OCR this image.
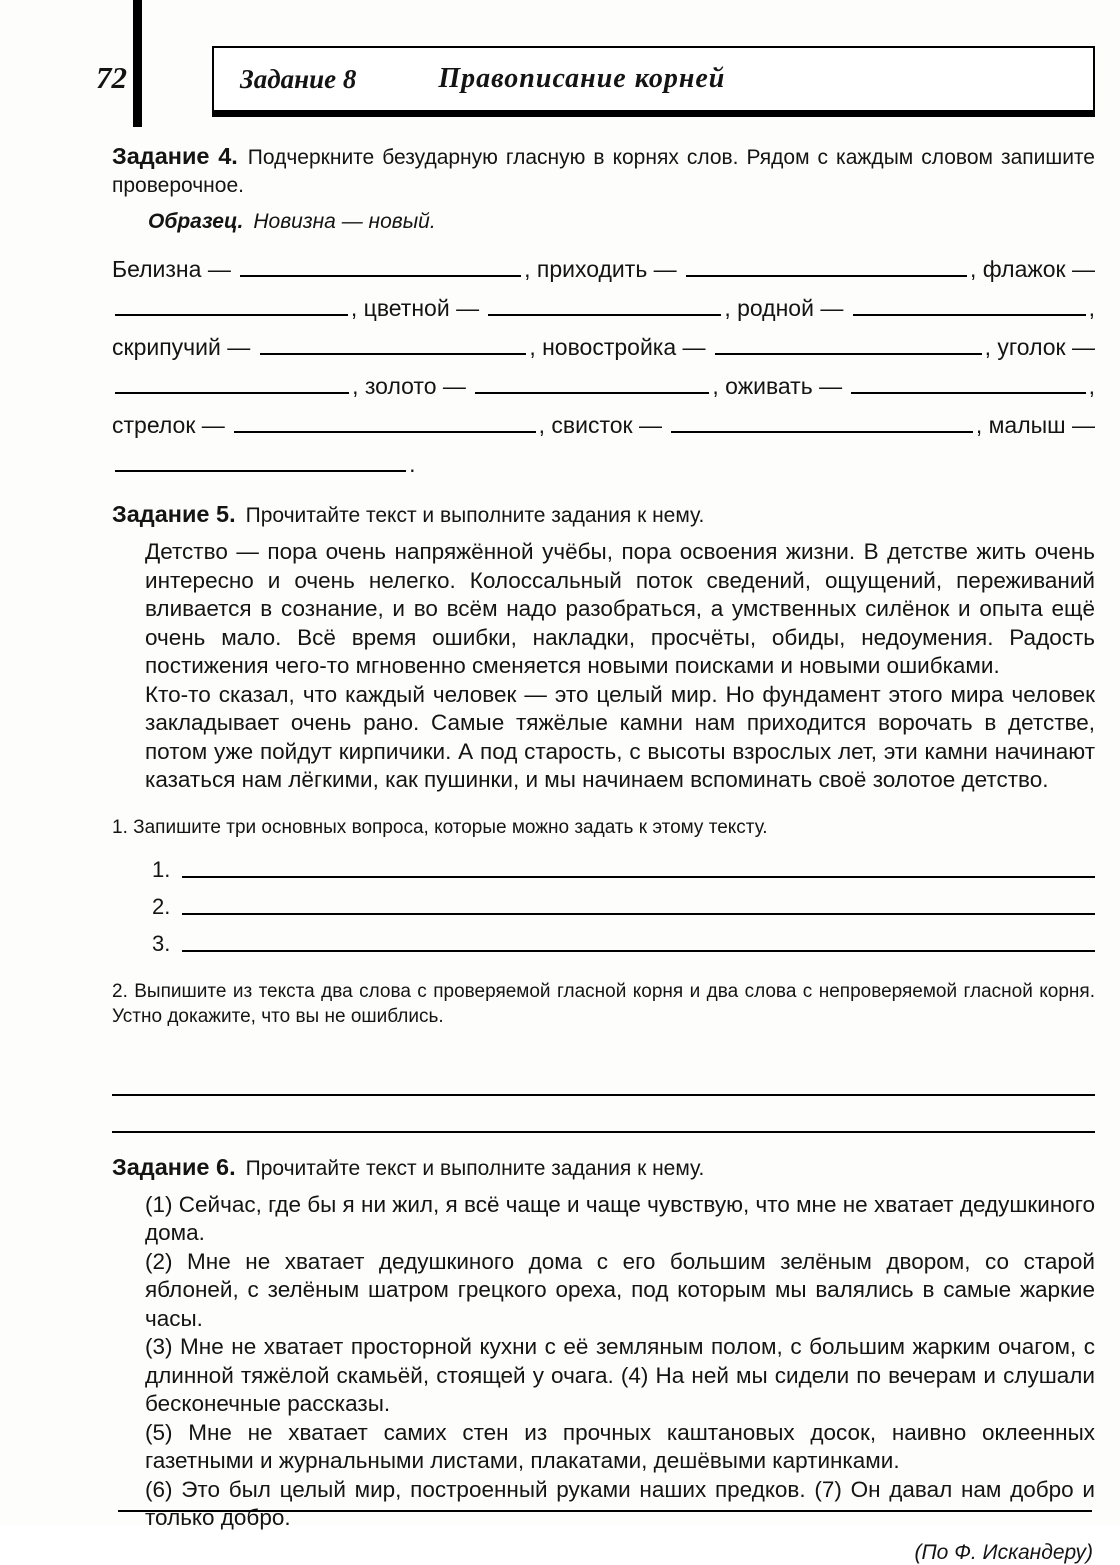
72	Задание 8	Правописание корней

Задание 4. Подчеркните безударную гласную в корнях слов. Рядом с каждым словом запишите проверочное.

Образец. Новизна — новый.

Белизна —	, приходить —	, флажок —
, цветной —	, родной —	,
скрипучий —	, новостройка —	, уголок —
, золото —	, оживать —	,
стрелок —	, свисток —	, малыш —
.

Задание 5. Прочитайте текст и выполните задания к нему.

Детство — пора очень напряжённой учёбы, пора освоения жизни. В детстве жить очень интересно и очень нелегко. Колоссальный поток сведений, ощущений, переживаний вливается в сознание, и во всём надо разобраться, а умственных силёнок и опыта ещё очень мало. Всё время ошибки, накладки, просчёты, обиды, недоумения. Радость постижения чего-то мгновенно сменяется новыми поисками и новыми ошибками.

Кто-то сказал, что каждый человек — это целый мир. Но фундамент этого мира человек закладывает очень рано. Самые тяжёлые камни нам приходится ворочать в детстве, потом уже пойдут кирпичики. А под старость, с высоты взрослых лет, эти камни начинают казаться нам лёгкими, как пушинки, и мы начинаем вспоминать своё золотое детство.

1. Запишите три основных вопроса, которые можно задать к этому тексту.

1.
2.
3.

2. Выпишите из текста два слова с проверяемой гласной корня и два слова с непроверяемой гласной корня. Устно докажите, что вы не ошиблись.

Задание 6. Прочитайте текст и выполните задания к нему.

(1) Сейчас, где бы я ни жил, я всё чаще и чаще чувствую, что мне не хватает дедушкиного дома.

(2) Мне не хватает дедушкиного дома с его большим зелёным двором, со старой яблоней, с зелёным шатром грецкого ореха, под которым мы валялись в самые жаркие часы.

(3) Мне не хватает просторной кухни с её земляным полом, с большим жарким очагом, с длинной тяжёлой скамьёй, стоящей у очага. (4) На ней мы сидели по вечерам и слушали бесконечные рассказы.

(5) Мне не хватает самих стен из прочных каштановых досок, наивно оклеенных газетными и журнальными листами, плакатами, дешёвыми картинками.

(6) Это был целый мир, построенный руками наших предков. (7) Он давал нам добро и только добро.

(По Ф. Искандеру)
